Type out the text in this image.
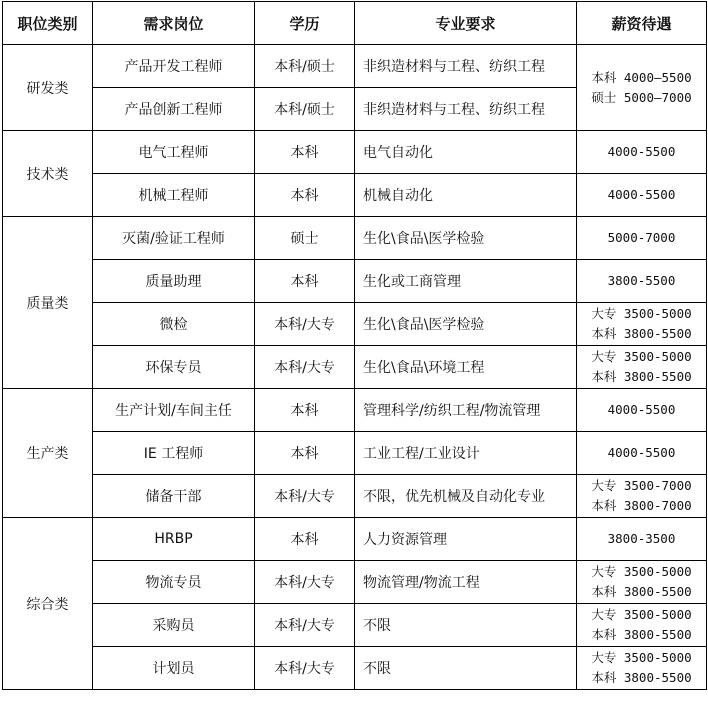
职位类别	需求岗位	学历	专业要求	薪资待遇
研发类	产品开发工程师	本科/硕士	非织造材料与工程、纺织工程	本科 4000—5500
硕士 5000—7000

	产品创新工程师	本科/硕士	非织造材料与工程、纺织工程	
技术类	电气工程师	本科	电气自动化	4000-5500
	机械工程师	本科	机械自动化	4000-5500
质量类	灭菌/验证工程师	硕士	生化\食品\医学检验	5000-7000
	质量助理	本科	生化或工商管理	3800-5500
	微检	本科/大专	生化\食品\医学检验	大专 3500-5000
本科 3800-5500

	环保专员	本科/大专	生化\食品\环境工程	大专 3500-5000
本科 3800-5500

生产类	生产计划/车间主任	本科	管理科学/纺织工程/物流管理	4000-5500
	IE 工程师	本科	工业工程/工业设计	4000-5500
	储备干部	本科/大专	不限，优先机械及自动化专业	大专 3500-7000
本科 3800-7000

综合类	HRBP	本科	人力资源管理	3800-3500
	物流专员	本科/大专	物流管理/物流工程	大专 3500-5000
本科 3800-5500

	采购员	本科/大专	不限	大专 3500-5000
本科 3800-5500

	计划员	本科/大专	不限	大专 3500-5000
本科 3800-5500
